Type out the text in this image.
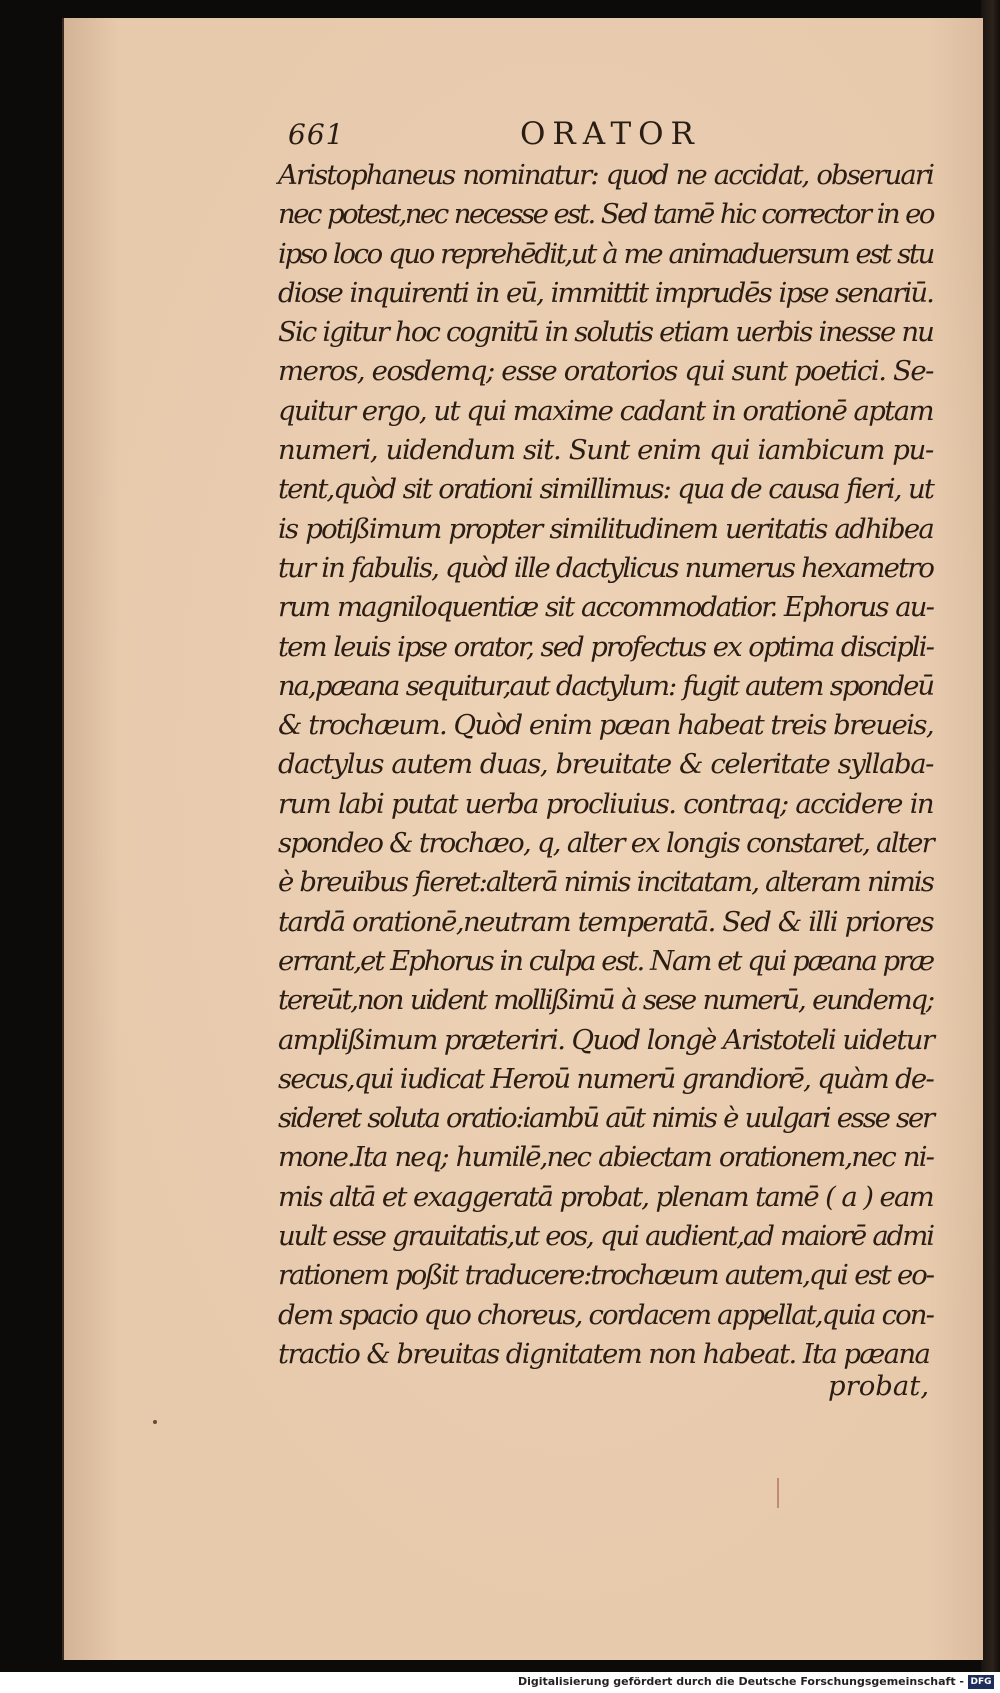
661	ORATOR
Aristophaneus nominatur: quod ne accidat, obseruari
nec potest,nec necesse est. Sed tamē hic corrector in eo
ipso loco quo reprehēdit,ut à me animaduersum est stu
diose inquirenti in eū, immittit imprudēs ipse senariū.
Sic igitur hoc cognitū in solutis etiam uerbis inesse nu
meros, eosdemq; esse oratorios qui sunt poetici. Se-
quitur ergo, ut qui maxime cadant in orationē aptam
numeri, uidendum sit. Sunt enim qui iambicum pu-
tent,quòd sit orationi simillimus: qua de causa fieri, ut
is potißimum propter similitudinem ueritatis adhibea
tur in fabulis, quòd ille dactylicus numerus hexametro
rum magniloquentiæ sit accommodatior. Ephorus au-
tem leuis ipse orator, sed profectus ex optima discipli-
na,pæana sequitur,aut dactylum: fugit autem spondeū
& trochæum. Quòd enim pæan habeat treis breueis,
dactylus autem duas, breuitate & celeritate syllaba-
rum labi putat uerba procliuius. contraq; accidere in
spondeo & trochæo, q, alter ex longis constaret, alter
è breuibus fieret:alterā nimis incitatam, alteram nimis
tardā orationē,neutram temperatā. Sed & illi priores
errant,et Ephorus in culpa est. Nam et qui pæana præ
tereūt,non uident mollißimū à sese numerū, eundemq;
amplißimum præteriri. Quod longè Aristoteli uidetur
secus,qui iudicat Heroū numerū grandiorē, quàm de-
sideret soluta oratio:iambū aūt nimis è uulgari esse ser
mone.Ita neq; humilē,nec abiectam orationem,nec ni-
mis altā et exaggeratā probat, plenam tamē ( a ) eam
uult esse grauitatis,ut eos, qui audient,ad maiorē admi
rationem poßit traducere:trochæum autem,qui est eo-
dem spacio quo choreus, cordacem appellat,quia con-
tractio & breuitas dignitatem non habeat. Ita pæana
probat,
Digitalisierung gefördert durch die Deutsche Forschungsgemeinschaft - DFG
